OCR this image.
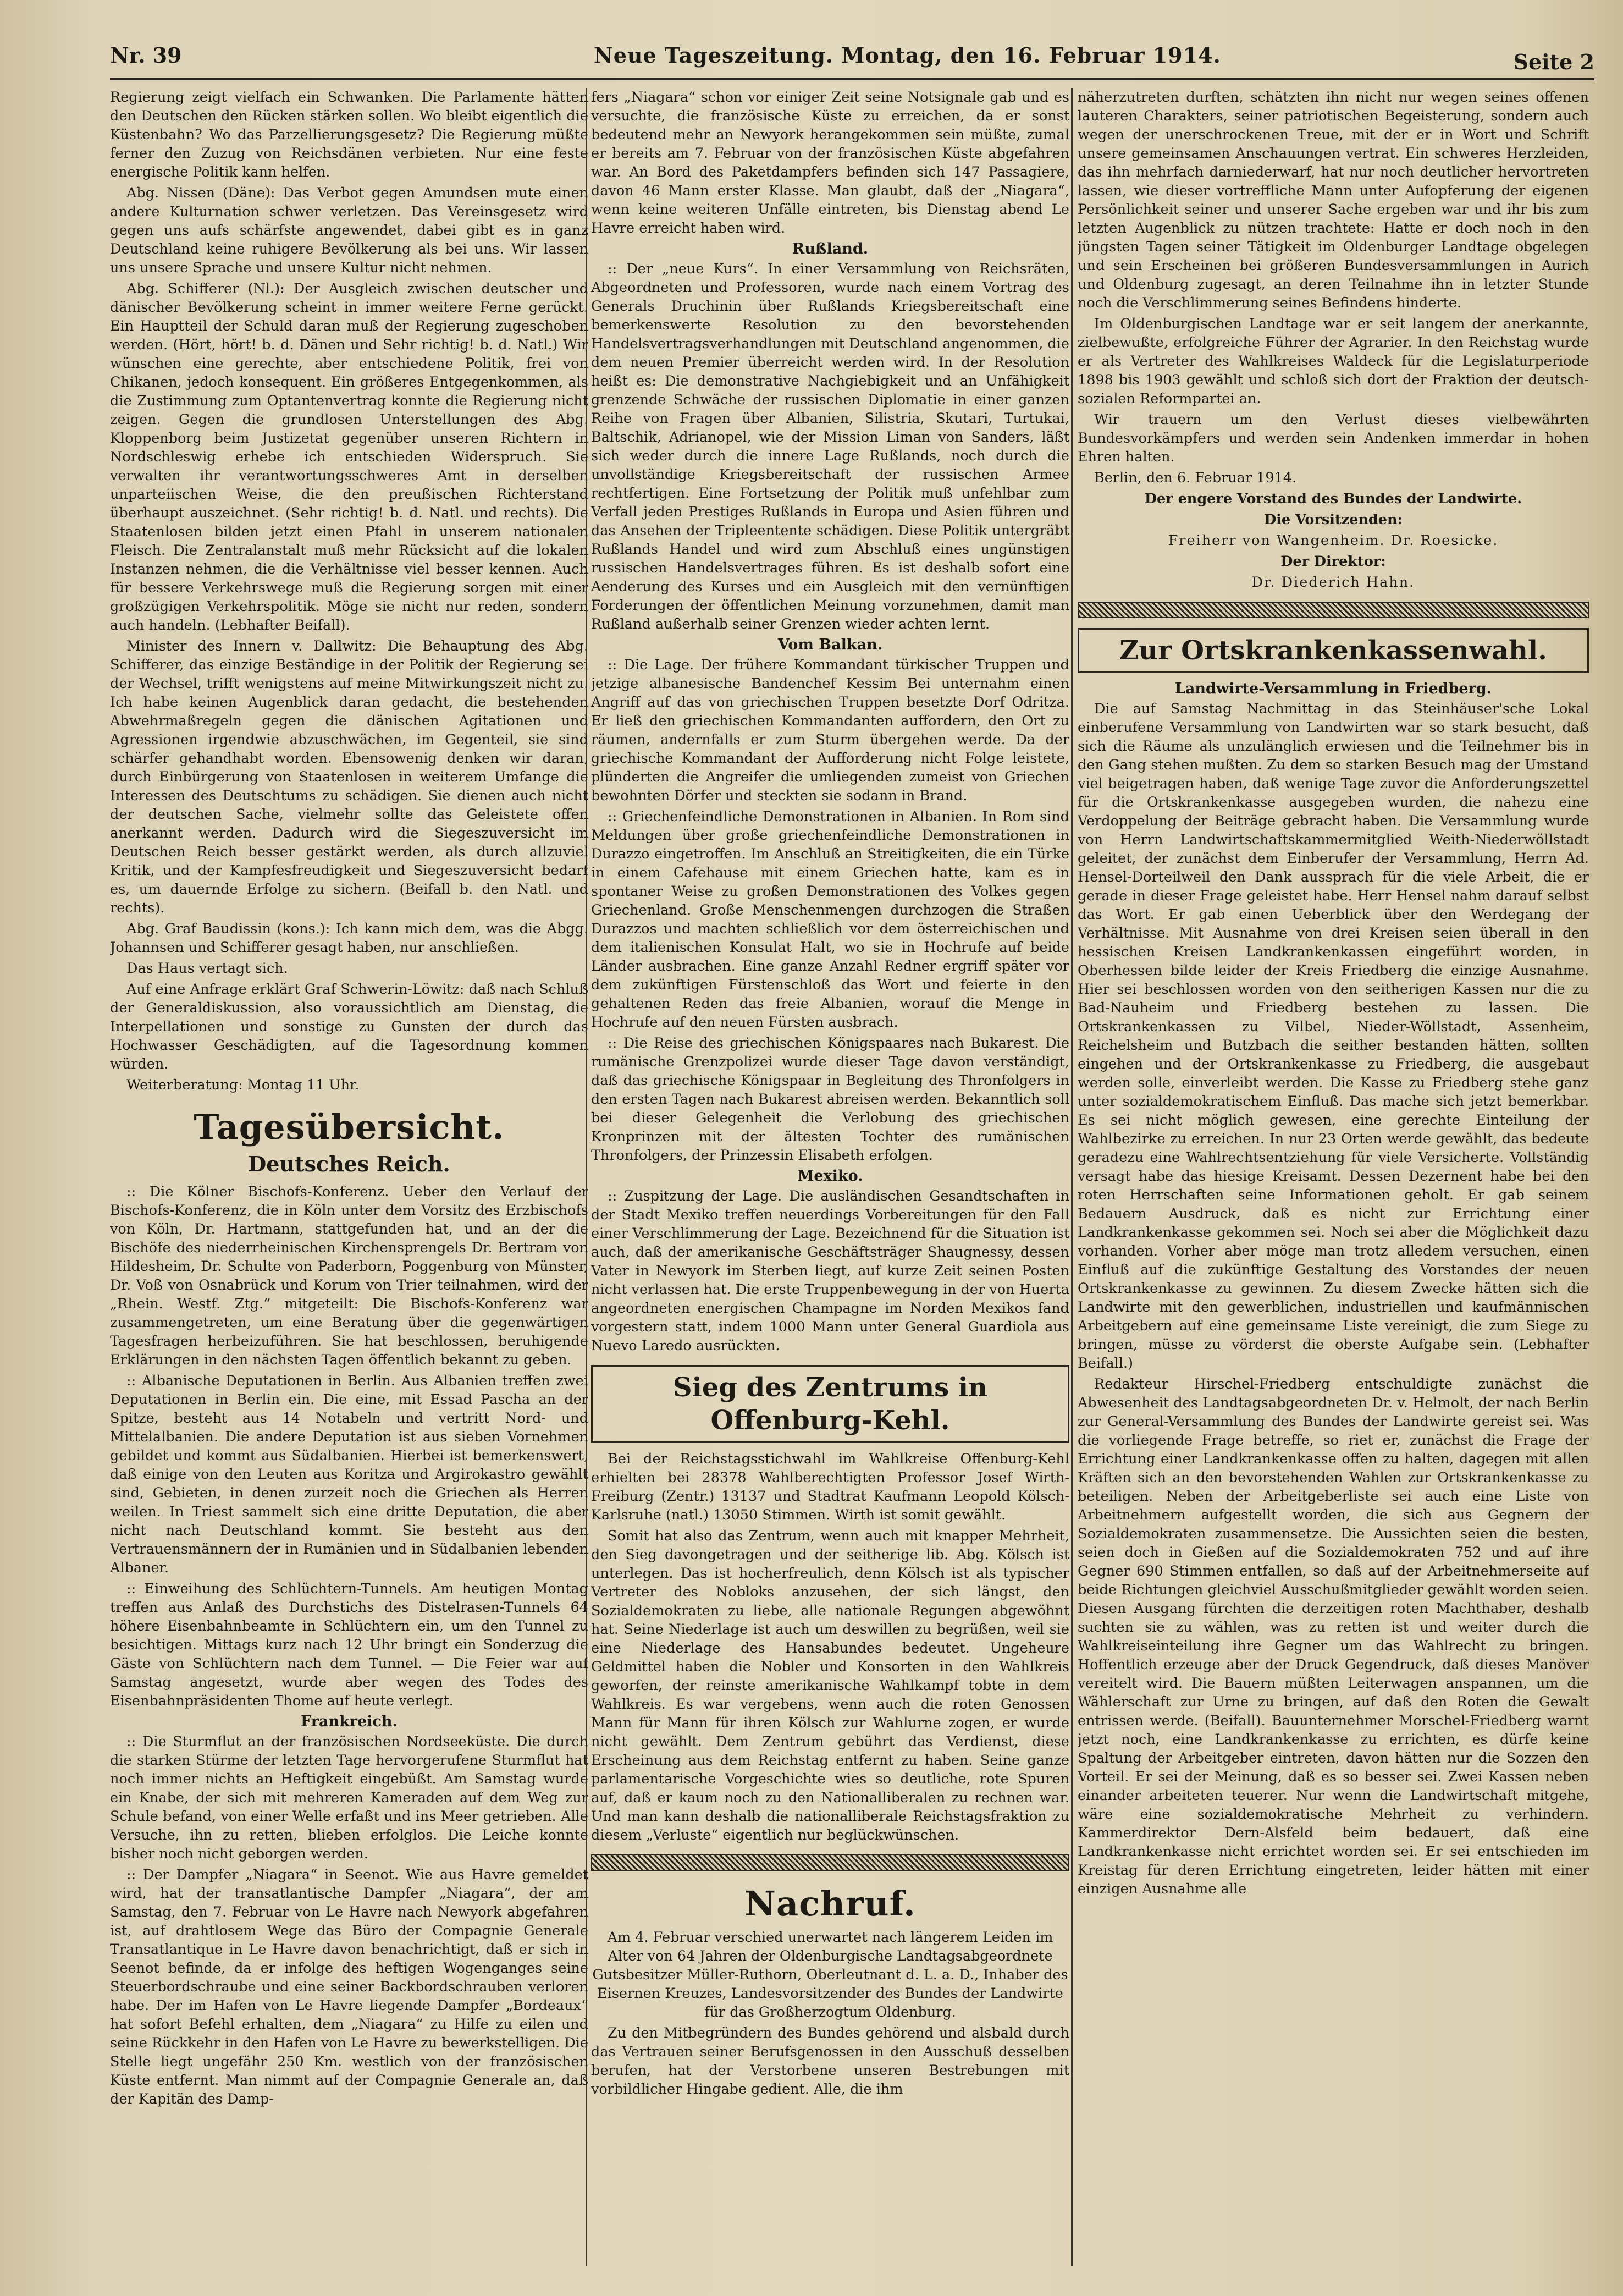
Nr. 39	Neue Tageszeitung. Montag, den 16. Februar 1914.	Seite 2

Regierung zeigt vielfach ein Schwanken. Die Parlamente hätten den Deutschen den Rücken stärken sollen. Wo bleibt eigentlich die Küstenbahn? Wo das Parzellierungsgesetz? Die Regierung müßte ferner den Zuzug von Reichsdänen verbieten. Nur eine feste energische Politik kann helfen.

Abg. Nissen (Däne): Das Verbot gegen Amundsen mute einen andere Kulturnation schwer verletzen. Das Vereinsgesetz wird gegen uns aufs schärfste angewendet, dabei gibt es in ganz Deutschland keine ruhigere Bevölkerung als bei uns. Wir lassen uns unsere Sprache und unsere Kultur nicht nehmen.

Abg. Schifferer (Nl.): Der Ausgleich zwischen deutscher und dänischer Bevölkerung scheint in immer weitere Ferne gerückt. Ein Hauptteil der Schuld daran muß der Regierung zugeschoben werden. (Hört, hört! b. d. Dänen und Sehr richtig! b. d. Natl.) Wir wünschen eine gerechte, aber entschiedene Politik, frei von Chikanen, jedoch konsequent. Ein größeres Entgegenkommen, als die Zustimmung zum Optantenvertrag konnte die Regierung nicht zeigen. Gegen die grundlosen Unterstellungen des Abg. Kloppenborg beim Justizetat gegenüber unseren Richtern in Nordschleswig erhebe ich entschieden Widerspruch. Sie verwalten ihr verantwortungsschweres Amt in derselben unparteiischen Weise, die den preußischen Richterstand überhaupt auszeichnet. (Sehr richtig! b. d. Natl. und rechts). Die Staatenlosen bilden jetzt einen Pfahl in unserem nationalen Fleisch. Die Zentralanstalt muß mehr Rücksicht auf die lokalen Instanzen nehmen, die die Verhältnisse viel besser kennen. Auch für bessere Verkehrswege muß die Regierung sorgen mit einer großzügigen Verkehrspolitik. Möge sie nicht nur reden, sondern auch handeln. (Lebhafter Beifall).

Minister des Innern v. Dallwitz: Die Behauptung des Abg. Schifferer, das einzige Beständige in der Politik der Regierung sei der Wechsel, trifft wenigstens auf meine Mitwirkungszeit nicht zu. Ich habe keinen Augenblick daran gedacht, die bestehenden Abwehrmaßregeln gegen die dänischen Agitationen und Agressionen irgendwie abzuschwächen, im Gegenteil, sie sind schärfer gehandhabt worden. Ebensowenig denken wir daran, durch Einbürgerung von Staatenlosen in weiterem Umfange die Interessen des Deutschtums zu schädigen. Sie dienen auch nicht der deutschen Sache, vielmehr sollte das Geleistete offen anerkannt werden. Dadurch wird die Siegeszuversicht im Deutschen Reich besser gestärkt werden, als durch allzuviel Kritik, und der Kampfesfreudigkeit und Siegeszuversicht bedarf es, um dauernde Erfolge zu sichern. (Beifall b. den Natl. und rechts).

Abg. Graf Baudissin (kons.): Ich kann mich dem, was die Abgg. Johannsen und Schifferer gesagt haben, nur anschließen.

Das Haus vertagt sich.

Auf eine Anfrage erklärt Graf Schwerin-Löwitz: daß nach Schluß der Generaldiskussion, also voraussichtlich am Dienstag, die Interpellationen und sonstige zu Gunsten der durch das Hochwasser Geschädigten, auf die Tagesordnung kommen würden.

Weiterberatung: Montag 11 Uhr.

Tagesübersicht.
Deutsches Reich.

:: Die Kölner Bischofs-Konferenz. Ueber den Verlauf der Bischofs-Konferenz, die in Köln unter dem Vorsitz des Erzbischofs von Köln, Dr. Hartmann, stattgefunden hat, und an der die Bischöfe des niederrheinischen Kirchensprengels Dr. Bertram von Hildesheim, Dr. Schulte von Paderborn, Poggenburg von Münster, Dr. Voß von Osnabrück und Korum von Trier teilnahmen, wird der „Rhein. Westf. Ztg.“ mitgeteilt: Die Bischofs-Konferenz war zusammengetreten, um eine Beratung über die gegenwärtigen Tagesfragen herbeizuführen. Sie hat beschlossen, beruhigende Erklärungen in den nächsten Tagen öffentlich bekannt zu geben.

:: Albanische Deputationen in Berlin. Aus Albanien treffen zwei Deputationen in Berlin ein. Die eine, mit Essad Pascha an der Spitze, besteht aus 14 Notabeln und vertritt Nord- und Mittelalbanien. Die andere Deputation ist aus sieben Vornehmen gebildet und kommt aus Südalbanien. Hierbei ist bemerkenswert, daß einige von den Leuten aus Koritza und Argirokastro gewählt sind, Gebieten, in denen zurzeit noch die Griechen als Herren weilen. In Triest sammelt sich eine dritte Deputation, die aber nicht nach Deutschland kommt. Sie besteht aus den Vertrauensmännern der in Rumänien und in Südalbanien lebenden Albaner.

:: Einweihung des Schlüchtern-Tunnels. Am heutigen Montag treffen aus Anlaß des Durchstichs des Distelrasen-Tunnels 64 höhere Eisenbahnbeamte in Schlüchtern ein, um den Tunnel zu besichtigen. Mittags kurz nach 12 Uhr bringt ein Sonderzug die Gäste von Schlüchtern nach dem Tunnel. — Die Feier war auf Samstag angesetzt, wurde aber wegen des Todes des Eisenbahnpräsidenten Thome auf heute verlegt.

Frankreich.

:: Die Sturmflut an der französischen Nordseeküste. Die durch die starken Stürme der letzten Tage hervorgerufene Sturmflut hat noch immer nichts an Heftigkeit eingebüßt. Am Samstag wurde ein Knabe, der sich mit mehreren Kameraden auf dem Weg zur Schule befand, von einer Welle erfaßt und ins Meer getrieben. Alle Versuche, ihn zu retten, blieben erfolglos. Die Leiche konnte bisher noch nicht geborgen werden.

:: Der Dampfer „Niagara“ in Seenot. Wie aus Havre gemeldet wird, hat der transatlantische Dampfer „Niagara“, der am Samstag, den 7. Februar von Le Havre nach Newyork abgefahren ist, auf drahtlosem Wege das Büro der Compagnie Generale Transatlantique in Le Havre davon benachrichtigt, daß er sich in Seenot befinde, da er infolge des heftigen Wogenganges seine Steuerbordschraube und eine seiner Backbordschrauben verloren habe. Der im Hafen von Le Havre liegende Dampfer „Bordeaux“ hat sofort Befehl erhalten, dem „Niagara“ zu Hilfe zu eilen und seine Rückkehr in den Hafen von Le Havre zu bewerkstelligen. Die Stelle liegt ungefähr 250 Km. westlich von der französischen Küste entfernt. Man nimmt auf der Compagnie Generale an, daß der Kapitän des Damp-

fers „Niagara“ schon vor einiger Zeit seine Notsignale gab und es versuchte, die französische Küste zu erreichen, da er sonst bedeutend mehr an Newyork herangekommen sein müßte, zumal er bereits am 7. Februar von der französischen Küste abgefahren war. An Bord des Paketdampfers befinden sich 147 Passagiere, davon 46 Mann erster Klasse. Man glaubt, daß der „Niagara“, wenn keine weiteren Unfälle eintreten, bis Dienstag abend Le Havre erreicht haben wird.

Rußland.

:: Der „neue Kurs“. In einer Versammlung von Reichsräten, Abgeordneten und Professoren, wurde nach einem Vortrag des Generals Druchinin über Rußlands Kriegsbereitschaft eine bemerkenswerte Resolution zu den bevorstehenden Handelsvertragsverhandlungen mit Deutschland angenommen, die dem neuen Premier überreicht werden wird. In der Resolution heißt es: Die demonstrative Nachgiebigkeit und an Unfähigkeit grenzende Schwäche der russischen Diplomatie in einer ganzen Reihe von Fragen über Albanien, Silistria, Skutari, Turtukai, Baltschik, Adrianopel, wie der Mission Liman von Sanders, läßt sich weder durch die innere Lage Rußlands, noch durch die unvollständige Kriegsbereitschaft der russischen Armee rechtfertigen. Eine Fortsetzung der Politik muß unfehlbar zum Verfall jeden Prestiges Rußlands in Europa und Asien führen und das Ansehen der Tripleentente schädigen. Diese Politik untergräbt Rußlands Handel und wird zum Abschluß eines ungünstigen russischen Handelsvertrages führen. Es ist deshalb sofort eine Aenderung des Kurses und ein Ausgleich mit den vernünftigen Forderungen der öffentlichen Meinung vorzunehmen, damit man Rußland außerhalb seiner Grenzen wieder achten lernt.

Vom Balkan.

:: Die Lage. Der frühere Kommandant türkischer Truppen und jetzige albanesische Bandenchef Kessim Bei unternahm einen Angriff auf das von griechischen Truppen besetzte Dorf Odritza. Er ließ den griechischen Kommandanten auffordern, den Ort zu räumen, andernfalls er zum Sturm übergehen werde. Da der griechische Kommandant der Aufforderung nicht Folge leistete, plünderten die Angreifer die umliegenden zumeist von Griechen bewohnten Dörfer und steckten sie sodann in Brand.

:: Griechenfeindliche Demonstrationen in Albanien. In Rom sind Meldungen über große griechenfeindliche Demonstrationen in Durazzo eingetroffen. Im Anschluß an Streitigkeiten, die ein Türke in einem Cafehause mit einem Griechen hatte, kam es in spontaner Weise zu großen Demonstrationen des Volkes gegen Griechenland. Große Menschenmengen durchzogen die Straßen Durazzos und machten schließlich vor dem österreichischen und dem italienischen Konsulat Halt, wo sie in Hochrufe auf beide Länder ausbrachen. Eine ganze Anzahl Redner ergriff später vor dem zukünftigen Fürstenschloß das Wort und feierte in den gehaltenen Reden das freie Albanien, worauf die Menge in Hochrufe auf den neuen Fürsten ausbrach.

:: Die Reise des griechischen Königspaares nach Bukarest. Die rumänische Grenzpolizei wurde dieser Tage davon verständigt, daß das griechische Königspaar in Begleitung des Thronfolgers in den ersten Tagen nach Bukarest abreisen werden. Bekanntlich soll bei dieser Gelegenheit die Verlobung des griechischen Kronprinzen mit der ältesten Tochter des rumänischen Thronfolgers, der Prinzessin Elisabeth erfolgen.

Mexiko.

:: Zuspitzung der Lage. Die ausländischen Gesandtschaften in der Stadt Mexiko treffen neuerdings Vorbereitungen für den Fall einer Verschlimmerung der Lage. Bezeichnend für die Situation ist auch, daß der amerikanische Geschäftsträger Shaugnessy, dessen Vater in Newyork im Sterben liegt, auf kurze Zeit seinen Posten nicht verlassen hat. Die erste Truppenbewegung in der von Huerta angeordneten energischen Champagne im Norden Mexikos fand vorgestern statt, indem 1000 Mann unter General Guardiola aus Nuevo Laredo ausrückten.

Sieg des Zentrums in Offenburg-Kehl.

Bei der Reichstagsstichwahl im Wahlkreise Offenburg-Kehl erhielten bei 28378 Wahlberechtigten Professor Josef Wirth-Freiburg (Zentr.) 13137 und Stadtrat Kaufmann Leopold Kölsch-Karlsruhe (natl.) 13050 Stimmen. Wirth ist somit gewählt.

Somit hat also das Zentrum, wenn auch mit knapper Mehrheit, den Sieg davongetragen und der seitherige lib. Abg. Kölsch ist unterlegen. Das ist hocherfreulich, denn Kölsch ist als typischer Vertreter des Nobloks anzusehen, der sich längst, den Sozialdemokraten zu liebe, alle nationale Regungen abgewöhnt hat. Seine Niederlage ist auch um deswillen zu begrüßen, weil sie eine Niederlage des Hansabundes bedeutet. Ungeheure Geldmittel haben die Nobler und Konsorten in den Wahlkreis geworfen, der reinste amerikanische Wahlkampf tobte in dem Wahlkreis. Es war vergebens, wenn auch die roten Genossen Mann für Mann für ihren Kölsch zur Wahlurne zogen, er wurde nicht gewählt. Dem Zentrum gebührt das Verdienst, diese Erscheinung aus dem Reichstag entfernt zu haben. Seine ganze parlamentarische Vorgeschichte wies so deutliche, rote Spuren auf, daß er kaum noch zu den Nationalliberalen zu rechnen war. Und man kann deshalb die nationalliberale Reichstagsfraktion zu diesem „Verluste“ eigentlich nur beglückwünschen.

Nachruf.

Am 4. Februar verschied unerwartet nach längerem Leiden im Alter von 64 Jahren der Oldenburgische Landtagsabgeordnete Gutsbesitzer Müller-Ruthorn, Oberleutnant d. L. a. D., Inhaber des Eisernen Kreuzes, Landesvorsitzender des Bundes der Landwirte für das Großherzogtum Oldenburg.

Zu den Mitbegründern des Bundes gehörend und alsbald durch das Vertrauen seiner Berufsgenossen in den Ausschuß desselben berufen, hat der Verstorbene unseren Bestrebungen mit vorbildlicher Hingabe gedient. Alle, die ihm

näherzutreten durften, schätzten ihn nicht nur wegen seines offenen lauteren Charakters, seiner patriotischen Begeisterung, sondern auch wegen der unerschrockenen Treue, mit der er in Wort und Schrift unsere gemeinsamen Anschauungen vertrat. Ein schweres Herzleiden, das ihn mehrfach darniederwarf, hat nur noch deutlicher hervortreten lassen, wie dieser vortreffliche Mann unter Aufopferung der eigenen Persönlichkeit seiner und unserer Sache ergeben war und ihr bis zum letzten Augenblick zu nützen trachtete: Hatte er doch noch in den jüngsten Tagen seiner Tätigkeit im Oldenburger Landtage obgelegen und sein Erscheinen bei größeren Bundesversammlungen in Aurich und Oldenburg zugesagt, an deren Teilnahme ihn in letzter Stunde noch die Verschlimmerung seines Befindens hinderte.

Im Oldenburgischen Landtage war er seit langem der anerkannte, zielbewußte, erfolgreiche Führer der Agrarier. In den Reichstag wurde er als Vertreter des Wahlkreises Waldeck für die Legislaturperiode 1898 bis 1903 gewählt und schloß sich dort der Fraktion der deutsch-sozialen Reformpartei an.

Wir trauern um den Verlust dieses vielbewährten Bundesvorkämpfers und werden sein Andenken immerdar in hohen Ehren halten.

Berlin, den 6. Februar 1914.

Der engere Vorstand des Bundes der Landwirte.

Die Vorsitzenden:

Freiherr von Wangenheim. Dr. Roesicke.

Der Direktor:

Dr. Diederich Hahn.

Zur Ortskrankenkassenwahl.
Landwirte-Versammlung in Friedberg.

Die auf Samstag Nachmittag in das Steinhäuser'sche Lokal einberufene Versammlung von Landwirten war so stark besucht, daß sich die Räume als unzulänglich erwiesen und die Teilnehmer bis in den Gang stehen mußten. Zu dem so starken Besuch mag der Umstand viel beigetragen haben, daß wenige Tage zuvor die Anforderungszettel für die Ortskrankenkasse ausgegeben wurden, die nahezu eine Verdoppelung der Beiträge gebracht haben. Die Versammlung wurde von Herrn Landwirtschaftskammermitglied Weith-Niederwöllstadt geleitet, der zunächst dem Einberufer der Versammlung, Herrn Ad. Hensel-Dorteilweil den Dank aussprach für die viele Arbeit, die er gerade in dieser Frage geleistet habe. Herr Hensel nahm darauf selbst das Wort. Er gab einen Ueberblick über den Werdegang der Verhältnisse. Mit Ausnahme von drei Kreisen seien überall in den hessischen Kreisen Landkrankenkassen eingeführt worden, in Oberhessen bilde leider der Kreis Friedberg die einzige Ausnahme. Hier sei beschlossen worden von den seitherigen Kassen nur die zu Bad-Nauheim und Friedberg bestehen zu lassen. Die Ortskrankenkassen zu Vilbel, Nieder-Wöllstadt, Assenheim, Reichelsheim und Butzbach die seither bestanden hätten, sollten eingehen und der Ortskrankenkasse zu Friedberg, die ausgebaut werden solle, einverleibt werden. Die Kasse zu Friedberg stehe ganz unter sozialdemokratischem Einfluß. Das mache sich jetzt bemerkbar. Es sei nicht möglich gewesen, eine gerechte Einteilung der Wahlbezirke zu erreichen. In nur 23 Orten werde gewählt, das bedeute geradezu eine Wahlrechtsentziehung für viele Versicherte. Vollständig versagt habe das hiesige Kreisamt. Dessen Dezernent habe bei den roten Herrschaften seine Informationen geholt. Er gab seinem Bedauern Ausdruck, daß es nicht zur Errichtung einer Landkrankenkasse gekommen sei. Noch sei aber die Möglichkeit dazu vorhanden. Vorher aber möge man trotz alledem versuchen, einen Einfluß auf die zukünftige Gestaltung des Vorstandes der neuen Ortskrankenkasse zu gewinnen. Zu diesem Zwecke hätten sich die Landwirte mit den gewerblichen, industriellen und kaufmännischen Arbeitgebern auf eine gemeinsame Liste vereinigt, die zum Siege zu bringen, müsse zu vörderst die oberste Aufgabe sein. (Lebhafter Beifall.)

Redakteur Hirschel-Friedberg entschuldigte zunächst die Abwesenheit des Landtagsabgeordneten Dr. v. Helmolt, der nach Berlin zur General-Versammlung des Bundes der Landwirte gereist sei. Was die vorliegende Frage betreffe, so riet er, zunächst die Frage der Errichtung einer Landkrankenkasse offen zu halten, dagegen mit allen Kräften sich an den bevorstehenden Wahlen zur Ortskrankenkasse zu beteiligen. Neben der Arbeitgeberliste sei auch eine Liste von Arbeitnehmern aufgestellt worden, die sich aus Gegnern der Sozialdemokraten zusammensetze. Die Aussichten seien die besten, seien doch in Gießen auf die Sozialdemokraten 752 und auf ihre Gegner 690 Stimmen entfallen, so daß auf der Arbeitnehmerseite auf beide Richtungen gleichviel Ausschußmitglieder gewählt worden seien. Diesen Ausgang fürchten die derzeitigen roten Machthaber, deshalb suchten sie zu wählen, was zu retten ist und weiter durch die Wahlkreiseinteilung ihre Gegner um das Wahlrecht zu bringen. Hoffentlich erzeuge aber der Druck Gegendruck, daß dieses Manöver vereitelt wird. Die Bauern müßten Leiterwagen anspannen, um die Wählerschaft zur Urne zu bringen, auf daß den Roten die Gewalt entrissen werde. (Beifall). Bauunternehmer Morschel-Friedberg warnt jetzt noch, eine Landkrankenkasse zu errichten, es dürfe keine Spaltung der Arbeitgeber eintreten, davon hätten nur die Sozzen den Vorteil. Er sei der Meinung, daß es so besser sei. Zwei Kassen neben einander arbeiteten teuerer. Nur wenn die Landwirtschaft mitgehe, wäre eine sozialdemokratische Mehrheit zu verhindern. Kammerdirektor Dern-Alsfeld beim bedauert, daß eine Landkrankenkasse nicht errichtet worden sei. Er sei entschieden im Kreistag für deren Errichtung eingetreten, leider hätten mit einer einzigen Ausnahme alle
